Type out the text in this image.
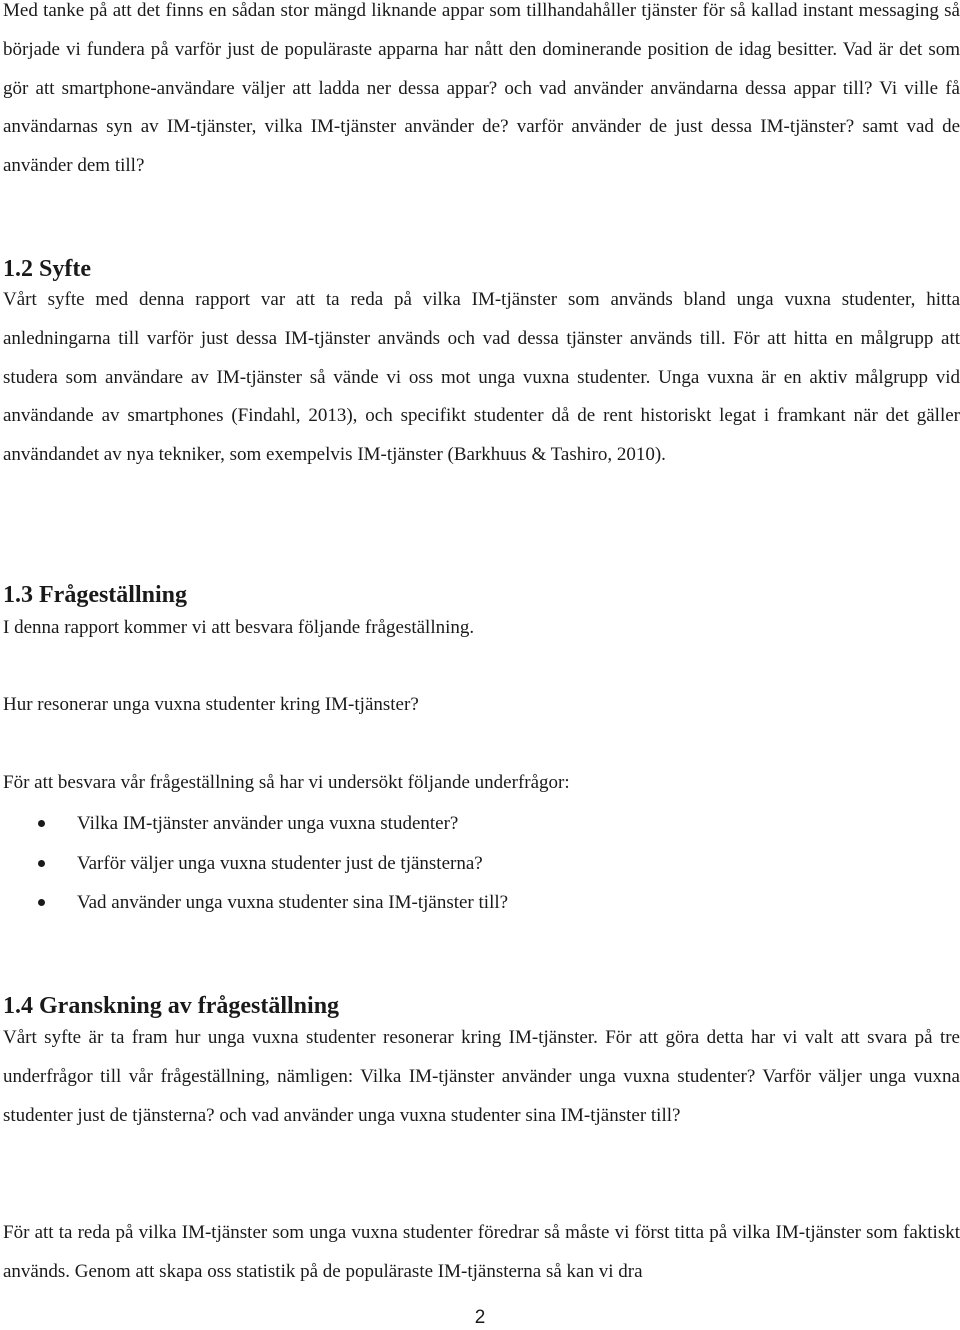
Med tanke på att det finns en sådan stor mängd liknande appar som tillhandahåller tjänster för så kallad instant messaging så började vi fundera på varför just de populäraste apparna har nått den dominerande position de idag besitter. Vad är det som gör att smartphone-användare väljer att ladda ner dessa appar? och vad använder användarna dessa appar till? Vi ville få användarnas syn av IM-tjänster, vilka IM-tjänster använder de? varför använder de just dessa IM-tjänster? samt vad de använder dem till?

1.2 Syfte

Vårt syfte med denna rapport var att ta reda på vilka IM-tjänster som används bland unga vuxna studenter, hitta anledningarna till varför just dessa IM-tjänster används och vad dessa tjänster används till. För att hitta en målgrupp att studera som användare av IM-tjänster så vände vi oss mot unga vuxna studenter. Unga vuxna är en aktiv målgrupp vid användande av smartphones (Findahl, 2013), och specifikt studenter då de rent historiskt legat i framkant när det gäller användandet av nya tekniker, som exempelvis IM-tjänster (Barkhuus & Tashiro, 2010).

1.3 Frågeställning

I denna rapport kommer vi att besvara följande frågeställning.

Hur resonerar unga vuxna studenter kring IM-tjänster?

För att besvara vår frågeställning så har vi undersökt följande underfrågor:

Vilka IM-tjänster använder unga vuxna studenter?
Varför väljer unga vuxna studenter just de tjänsterna?
Vad använder unga vuxna studenter sina IM-tjänster till?
1.4 Granskning av frågeställning

Vårt syfte är ta fram hur unga vuxna studenter resonerar kring IM-tjänster. För att göra detta har vi valt att svara på tre underfrågor till vår frågeställning, nämligen: Vilka IM-tjänster använder unga vuxna studenter? Varför väljer unga vuxna studenter just de tjänsterna? och vad använder unga vuxna studenter sina IM-tjänster till?

För att ta reda på vilka IM-tjänster som unga vuxna studenter föredrar så måste vi först titta på vilka IM-tjänster som faktiskt används. Genom att skapa oss statistik på de populäraste IM-tjänsterna så kan vi dra

2
